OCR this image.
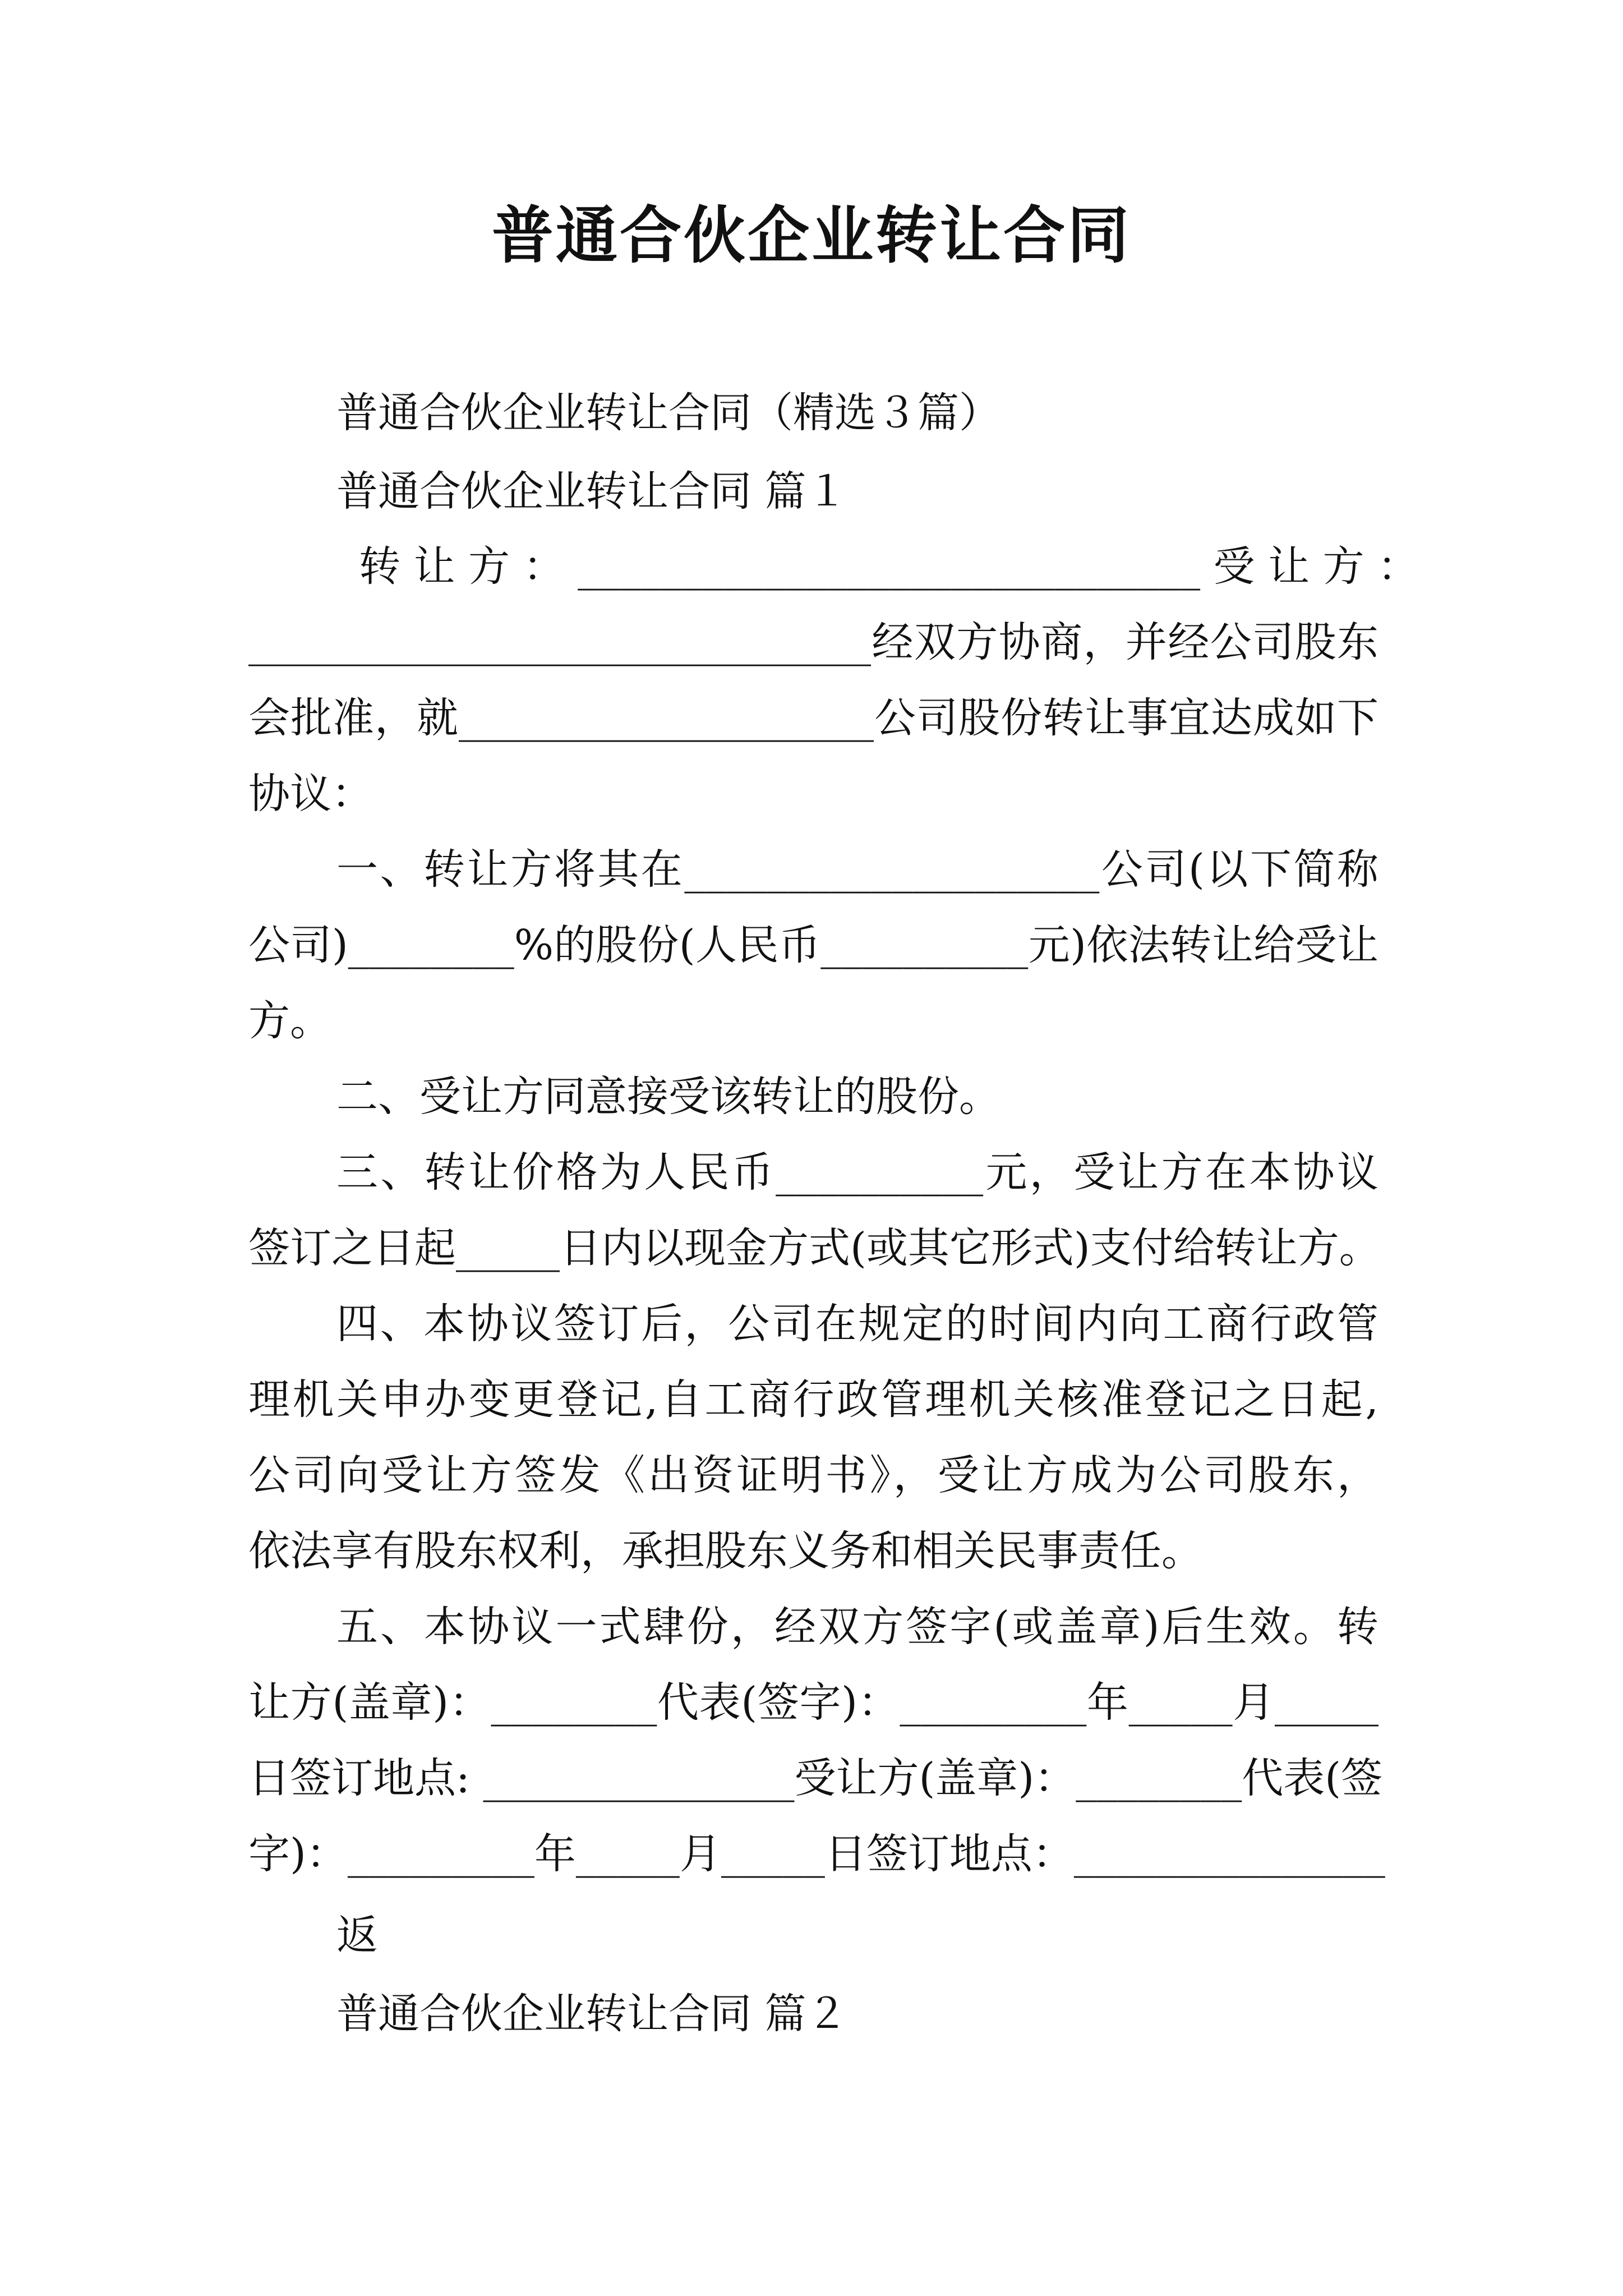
普通合伙企业转让合同
普通合伙企业转让合同（精选３篇）
普通合伙企业转让合同 篇１
转 让 方 ： ______________________________ 受 让 方 ：
______________________________经双方协商，并经公司股东
会批准，就____________________公司股份转让事宜达成如下
协议：
一、转让方将其在____________________公司(以下简称
公司)________%的股份(人民币__________元)依法转让给受让
方。
二、受让方同意接受该转让的股份。
三、转让价格为人民币__________元，受让方在本协议
签订之日起_____日内以现金方式(或其它形式)支付给转让方。
四、本协议签订后，公司在规定的时间内向工商行政管
理机关申办变更登记,自工商行政管理机关核准登记之日起,
公司向受让方签发《出资证明书》，受让方成为公司股东，
依法享有股东权利，承担股东义务和相关民事责任。
五、本协议一式肆份，经双方签字(或盖章)后生效。转
让方(盖章)：________代表(签字)：_________年_____月_____
日签订地点: _______________受让方(盖章)：________代表(签
字)：_________年_____月_____日签订地点：_______________
返
普通合伙企业转让合同 篇２
